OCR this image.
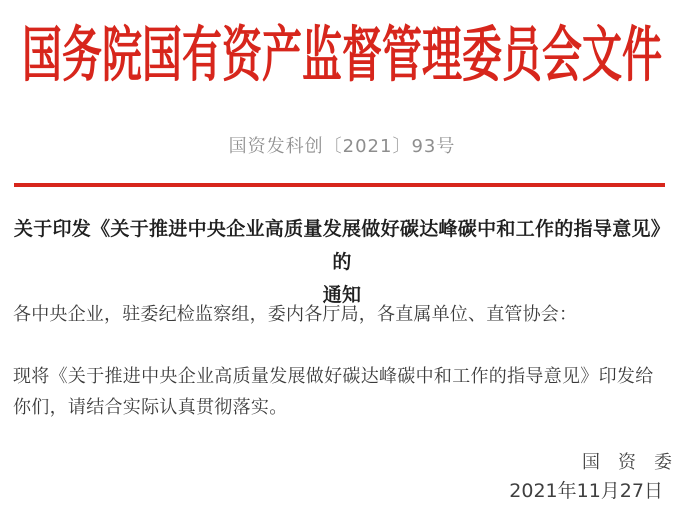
国务院国有资产监督管理委员会文件
国资发科创〔2021〕93号
关于印发《关于推进中央企业高质量发展做好碳达峰碳中和工作的指导意见》的
通知
各中央企业，驻委纪检监察组，委内各厅局，各直属单位、直管协会：
现将《关于推进中央企业高质量发展做好碳达峰碳中和工作的指导意见》印发给你们，请结合实际认真贯彻落实。
国　资　委
2021年11月27日
